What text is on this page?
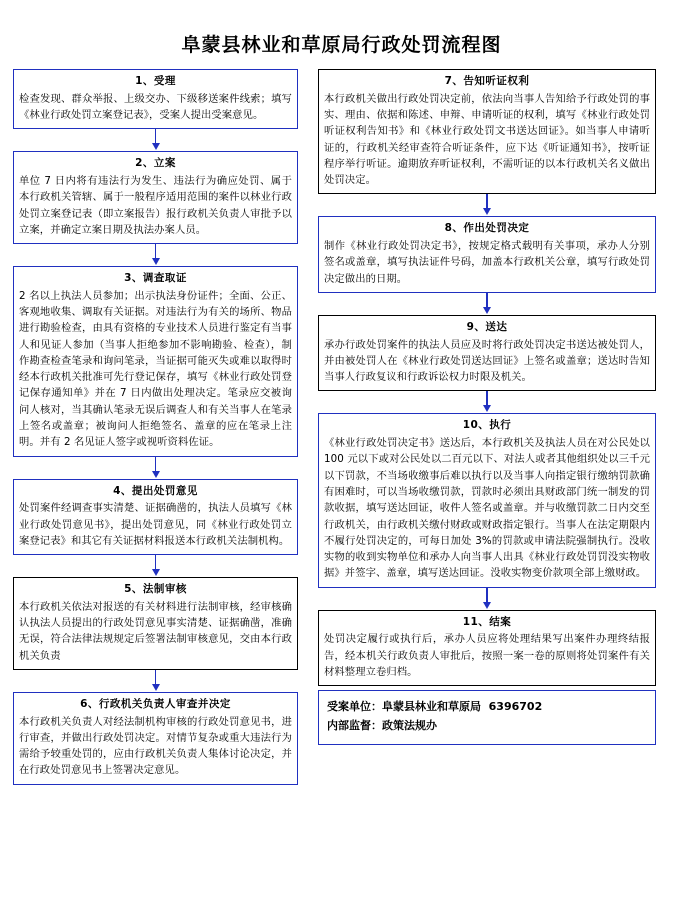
阜蒙县林业和草原局行政处罚流程图
1、受理
检查发现、群众举报、上级交办、下级移送案件线索；填写《林业行政处罚立案登记表》，受案人提出受案意见。
2、立案
单位 7 日内将有违法行为发生、违法行为确应处罚、属于本行政机关管辖、属于一般程序适用范围的案件以林业行政处罚立案登记表（即立案报告）报行政机关负责人审批予以立案，并确定立案日期及执法办案人员。
3、调查取证
2 名以上执法人员参加；出示执法身份证件；全面、公正、客观地收集、调取有关证据。对违法行为有关的场所、物品进行勘验检查，由具有资格的专业技术人员进行鉴定有当事人和见证人参加（当事人拒绝参加不影响勘验、检查），制作勘查检查笔录和询问笔录，当证据可能灭失或难以取得时经本行政机关批准可先行登记保存，填写《林业行政处罚登记保存通知单》并在 7 日内做出处理决定。笔录应交被询问人核对，当其确认笔录无误后调查人和有关当事人在笔录上签名或盖章；被询问人拒绝签名、盖章的应在笔录上注明。并有 2 名见证人签字或视听资料佐证。
4、提出处罚意见
处罚案件经调查事实清楚、证据确凿的，执法人员填写《林业行政处罚意见书》，提出处罚意见，同《林业行政处罚立案登记表》和其它有关证据材料报送本行政机关法制机构。
5、法制审核
本行政机关依法对报送的有关材料进行法制审核，经审核确认执法人员提出的行政处罚意见事实清楚、证据确凿，准确无误，符合法律法规规定后签署法制审核意见，交由本行政机关负责
6、行政机关负责人审查并决定
本行政机关负责人对经法制机构审核的行政处罚意见书，进行审查，并做出行政处罚决定。对情节复杂或重大违法行为需给予较重处罚的，应由行政机关负责人集体讨论决定，并在行政处罚意见书上签署决定意见。
7、告知听证权利
本行政机关做出行政处罚决定前，依法向当事人告知给予行政处罚的事实、理由、依据和陈述、申辩、申请听证的权利，填写《林业行政处罚听证权利告知书》和《林业行政处罚文书送达回证》。如当事人申请听证的，行政机关经审查符合听证条件，应下达《听证通知书》，按听证程序举行听证。逾期放弃听证权利，不需听证的以本行政机关名义做出处罚决定。
8、作出处罚决定
制作《林业行政处罚决定书》，按规定格式载明有关事项，承办人分别签名或盖章，填写执法证件号码，加盖本行政机关公章，填写行政处罚决定做出的日期。
9、送达
承办行政处罚案件的执法人员应及时将行政处罚决定书送达被处罚人，并由被处罚人在《林业行政处罚送达回证》上签名或盖章；送达时告知当事人行政复议和行政诉讼权力时限及机关。
10、执行
《林业行政处罚决定书》送达后，本行政机关及执法人员在对公民处以 100 元以下或对公民处以二百元以下、对法人或者其他组织处以三千元以下罚款，不当场收缴事后难以执行以及当事人向指定银行缴纳罚款确有困难时，可以当场收缴罚款，罚款时必须出具财政部门统一制发的罚款收据，填写送达回证，收件人签名或盖章。并与收缴罚款二日内交至行政机关，由行政机关缴付财政或财政指定银行。当事人在法定期限内不履行处罚决定的，可每日加处 3%的罚款或申请法院强制执行。没收实物的收到实物单位和承办人向当事人出具《林业行政处罚罚没实物收据》并签字、盖章，填写送达回证。没收实物变价款项全部上缴财政。
11、结案
处罚决定履行或执行后，承办人员应将处理结果写出案件办理终结报告，经本机关行政负责人审批后，按照一案一卷的原则将处罚案件有关材料整理立卷归档。
受案单位：阜蒙县林业和草原局  6396702
内部监督：政策法规办
